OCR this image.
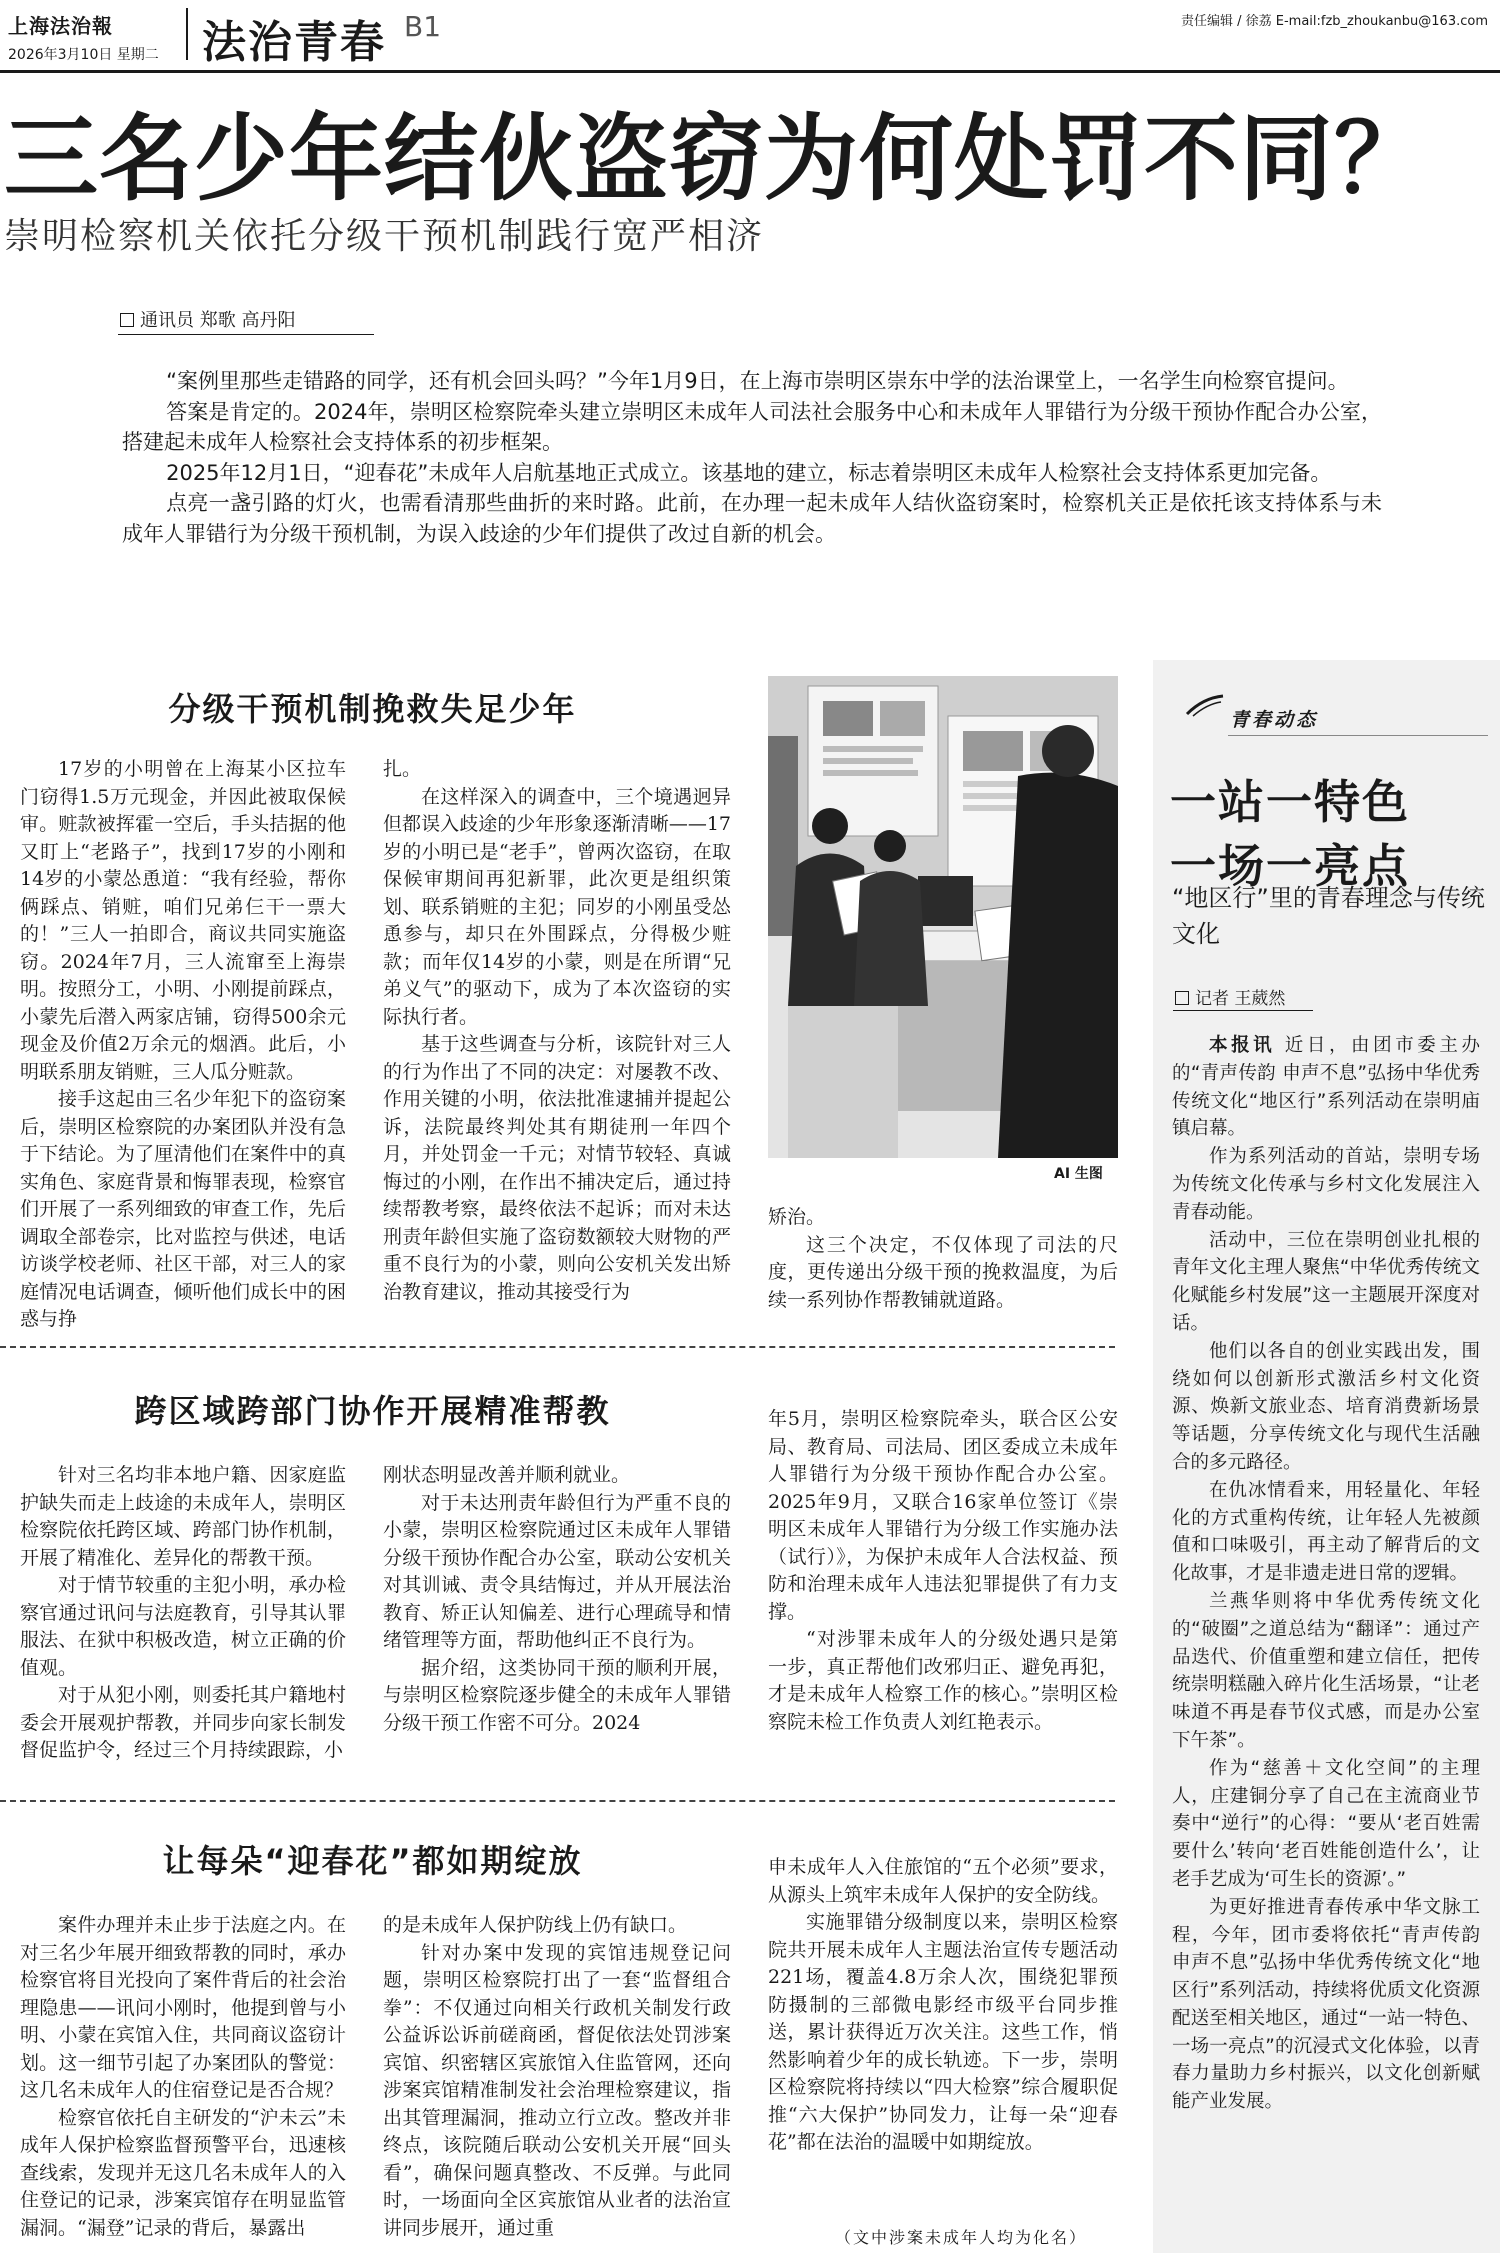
上海法治報
2026年3月10日 星期二 法治青春 B1	责任编辑 / 徐荔 E-mail:fzb_zhoukanbu@163.com
三名少年结伙盗窃为何处罚不同？
崇明检察机关依托分级干预机制践行宽严相济
通讯员 郑歌 高丹阳

“案例里那些走错路的同学，还有机会回头吗？”今年1月9日，在上海市崇明区崇东中学的法治课堂上，一名学生向检察官提问。

答案是肯定的。2024年，崇明区检察院牵头建立崇明区未成年人司法社会服务中心和未成年人罪错行为分级干预协作配合办公室，搭建起未成年人检察社会支持体系的初步框架。

2025年12月1日，“迎春花”未成年人启航基地正式成立。该基地的建立，标志着崇明区未成年人检察社会支持体系更加完备。

点亮一盏引路的灯火，也需看清那些曲折的来时路。此前，在办理一起未成年人结伙盗窃案时，检察机关正是依托该支持体系与未成年人罪错行为分级干预机制，为误入歧途的少年们提供了改过自新的机会。

分级干预机制挽救失足少年

17岁的小明曾在上海某小区拉车门窃得1.5万元现金，并因此被取保候审。赃款被挥霍一空后，手头拮据的他又盯上“老路子”，找到17岁的小刚和14岁的小蒙怂恿道：“我有经验，帮你俩踩点、销赃，咱们兄弟仨干一票大的！”三人一拍即合，商议共同实施盗窃。2024年7月，三人流窜至上海崇明。按照分工，小明、小刚提前踩点，小蒙先后潜入两家店铺，窃得500余元现金及价值2万余元的烟酒。此后，小明联系朋友销赃，三人瓜分赃款。

接手这起由三名少年犯下的盗窃案后，崇明区检察院的办案团队并没有急于下结论。为了厘清他们在案件中的真实角色、家庭背景和悔罪表现，检察官们开展了一系列细致的审查工作，先后调取全部卷宗，比对监控与供述，电话访谈学校老师、社区干部，对三人的家庭情况电话调查，倾听他们成长中的困惑与挣

扎。

在这样深入的调查中，三个境遇迥异但都误入歧途的少年形象逐渐清晰——17岁的小明已是“老手”，曾两次盗窃，在取保候审期间再犯新罪，此次更是组织策划、联系销赃的主犯；同岁的小刚虽受怂恿参与，却只在外围踩点，分得极少赃款；而年仅14岁的小蒙，则是在所谓“兄弟义气”的驱动下，成为了本次盗窃的实际执行者。

基于这些调查与分析，该院针对三人的行为作出了不同的决定：对屡教不改、作用关键的小明，依法批准逮捕并提起公诉，法院最终判处其有期徒刑一年四个月，并处罚金一千元；对情节较轻、真诚悔过的小刚，在作出不捕决定后，通过持续帮教考察，最终依法不起诉；而对未达刑责年龄但实施了盗窃数额较大财物的严重不良行为的小蒙，则向公安机关发出矫治教育建议，推动其接受行为

矫治。

这三个决定，不仅体现了司法的尺度，更传递出分级干预的挽救温度，为后续一系列协作帮教铺就道路。

AI 生图
跨区域跨部门协作开展精准帮教

针对三名均非本地户籍、因家庭监护缺失而走上歧途的未成年人，崇明区检察院依托跨区域、跨部门协作机制，开展了精准化、差异化的帮教干预。

对于情节较重的主犯小明，承办检察官通过讯问与法庭教育，引导其认罪服法、在狱中积极改造，树立正确的价值观。

对于从犯小刚，则委托其户籍地村委会开展观护帮教，并同步向家长制发督促监护令，经过三个月持续跟踪，小

刚状态明显改善并顺利就业。

对于未达刑责年龄但行为严重不良的小蒙，崇明区检察院通过区未成年人罪错分级干预协作配合办公室，联动公安机关对其训诫、责令具结悔过，并从开展法治教育、矫正认知偏差、进行心理疏导和情绪管理等方面，帮助他纠正不良行为。

据介绍，这类协同干预的顺利开展，与崇明区检察院逐步健全的未成年人罪错分级干预工作密不可分。2024

年5月，崇明区检察院牵头，联合区公安局、教育局、司法局、团区委成立未成年人罪错行为分级干预协作配合办公室。2025年9月，又联合16家单位签订《崇明区未成年人罪错行为分级工作实施办法（试行）》，为保护未成年人合法权益、预防和治理未成年人违法犯罪提供了有力支撑。

“对涉罪未成年人的分级处遇只是第一步，真正帮他们改邪归正、避免再犯，才是未成年人检察工作的核心。”崇明区检察院未检工作负责人刘红艳表示。

让每朵“迎春花”都如期绽放

案件办理并未止步于法庭之内。在对三名少年展开细致帮教的同时，承办检察官将目光投向了案件背后的社会治理隐患——讯问小刚时，他提到曾与小明、小蒙在宾馆入住，共同商议盗窃计划。这一细节引起了办案团队的警觉：这几名未成年人的住宿登记是否合规？

检察官依托自主研发的“沪未云”未成年人保护检察监督预警平台，迅速核查线索，发现并无这几名未成年人的入住登记的记录，涉案宾馆存在明显监管漏洞。“漏登”记录的背后，暴露出

的是未成年人保护防线上仍有缺口。

针对办案中发现的宾馆违规登记问题，崇明区检察院打出了一套“监督组合拳”：不仅通过向相关行政机关制发行政公益诉讼诉前磋商函，督促依法处罚涉案宾馆、织密辖区宾旅馆入住监管网，还向涉案宾馆精准制发社会治理检察建议，指出其管理漏洞，推动立行立改。整改并非终点，该院随后联动公安机关开展“回头看”，确保问题真整改、不反弹。与此同时，一场面向全区宾旅馆从业者的法治宣讲同步展开，通过重

申未成年人入住旅馆的“五个必须”要求，从源头上筑牢未成年人保护的安全防线。

实施罪错分级制度以来，崇明区检察院共开展未成年人主题法治宣传专题活动221场，覆盖4.8万余人次，围绕犯罪预防摄制的三部微电影经市级平台同步推送，累计获得近万次关注。这些工作，悄然影响着少年的成长轨迹。下一步，崇明区检察院将持续以“四大检察”综合履职促推“六大保护”协同发力，让每一朵“迎春花”都在法治的温暖中如期绽放。

（文中涉案未成年人均为化名）
青春动态
一站一特色
一场一亮点
“地区行”里的青春理念与传统文化
记者 王葳然

本报讯 近日，由团市委主办的“青声传韵 申声不息”弘扬中华优秀传统文化“地区行”系列活动在崇明庙镇启幕。

作为系列活动的首站，崇明专场为传统文化传承与乡村文化发展注入青春动能。

活动中，三位在崇明创业扎根的青年文化主理人聚焦“中华优秀传统文化赋能乡村发展”这一主题展开深度对话。

他们以各自的创业实践出发，围绕如何以创新形式激活乡村文化资源、焕新文旅业态、培育消费新场景等话题，分享传统文化与现代生活融合的多元路径。

在仇冰情看来，用轻量化、年轻化的方式重构传统，让年轻人先被颜值和口味吸引，再主动了解背后的文化故事，才是非遗走进日常的逻辑。

兰燕华则将中华优秀传统文化的“破圈”之道总结为“翻译”：通过产品迭代、价值重塑和建立信任，把传统崇明糕融入碎片化生活场景，“让老味道不再是春节仪式感，而是办公室下午茶”。

作为“慈善＋文化空间”的主理人，庄建铜分享了自己在主流商业节奏中“逆行”的心得：“要从‘老百姓需要什么’转向‘老百姓能创造什么’，让老手艺成为‘可生长的资源’。”

为更好推进青春传承中华文脉工程，今年，团市委将依托“青声传韵 申声不息”弘扬中华优秀传统文化“地区行”系列活动，持续将优质文化资源配送至相关地区，通过“一站一特色、一场一亮点”的沉浸式文化体验，以青春力量助力乡村振兴，以文化创新赋能产业发展。
